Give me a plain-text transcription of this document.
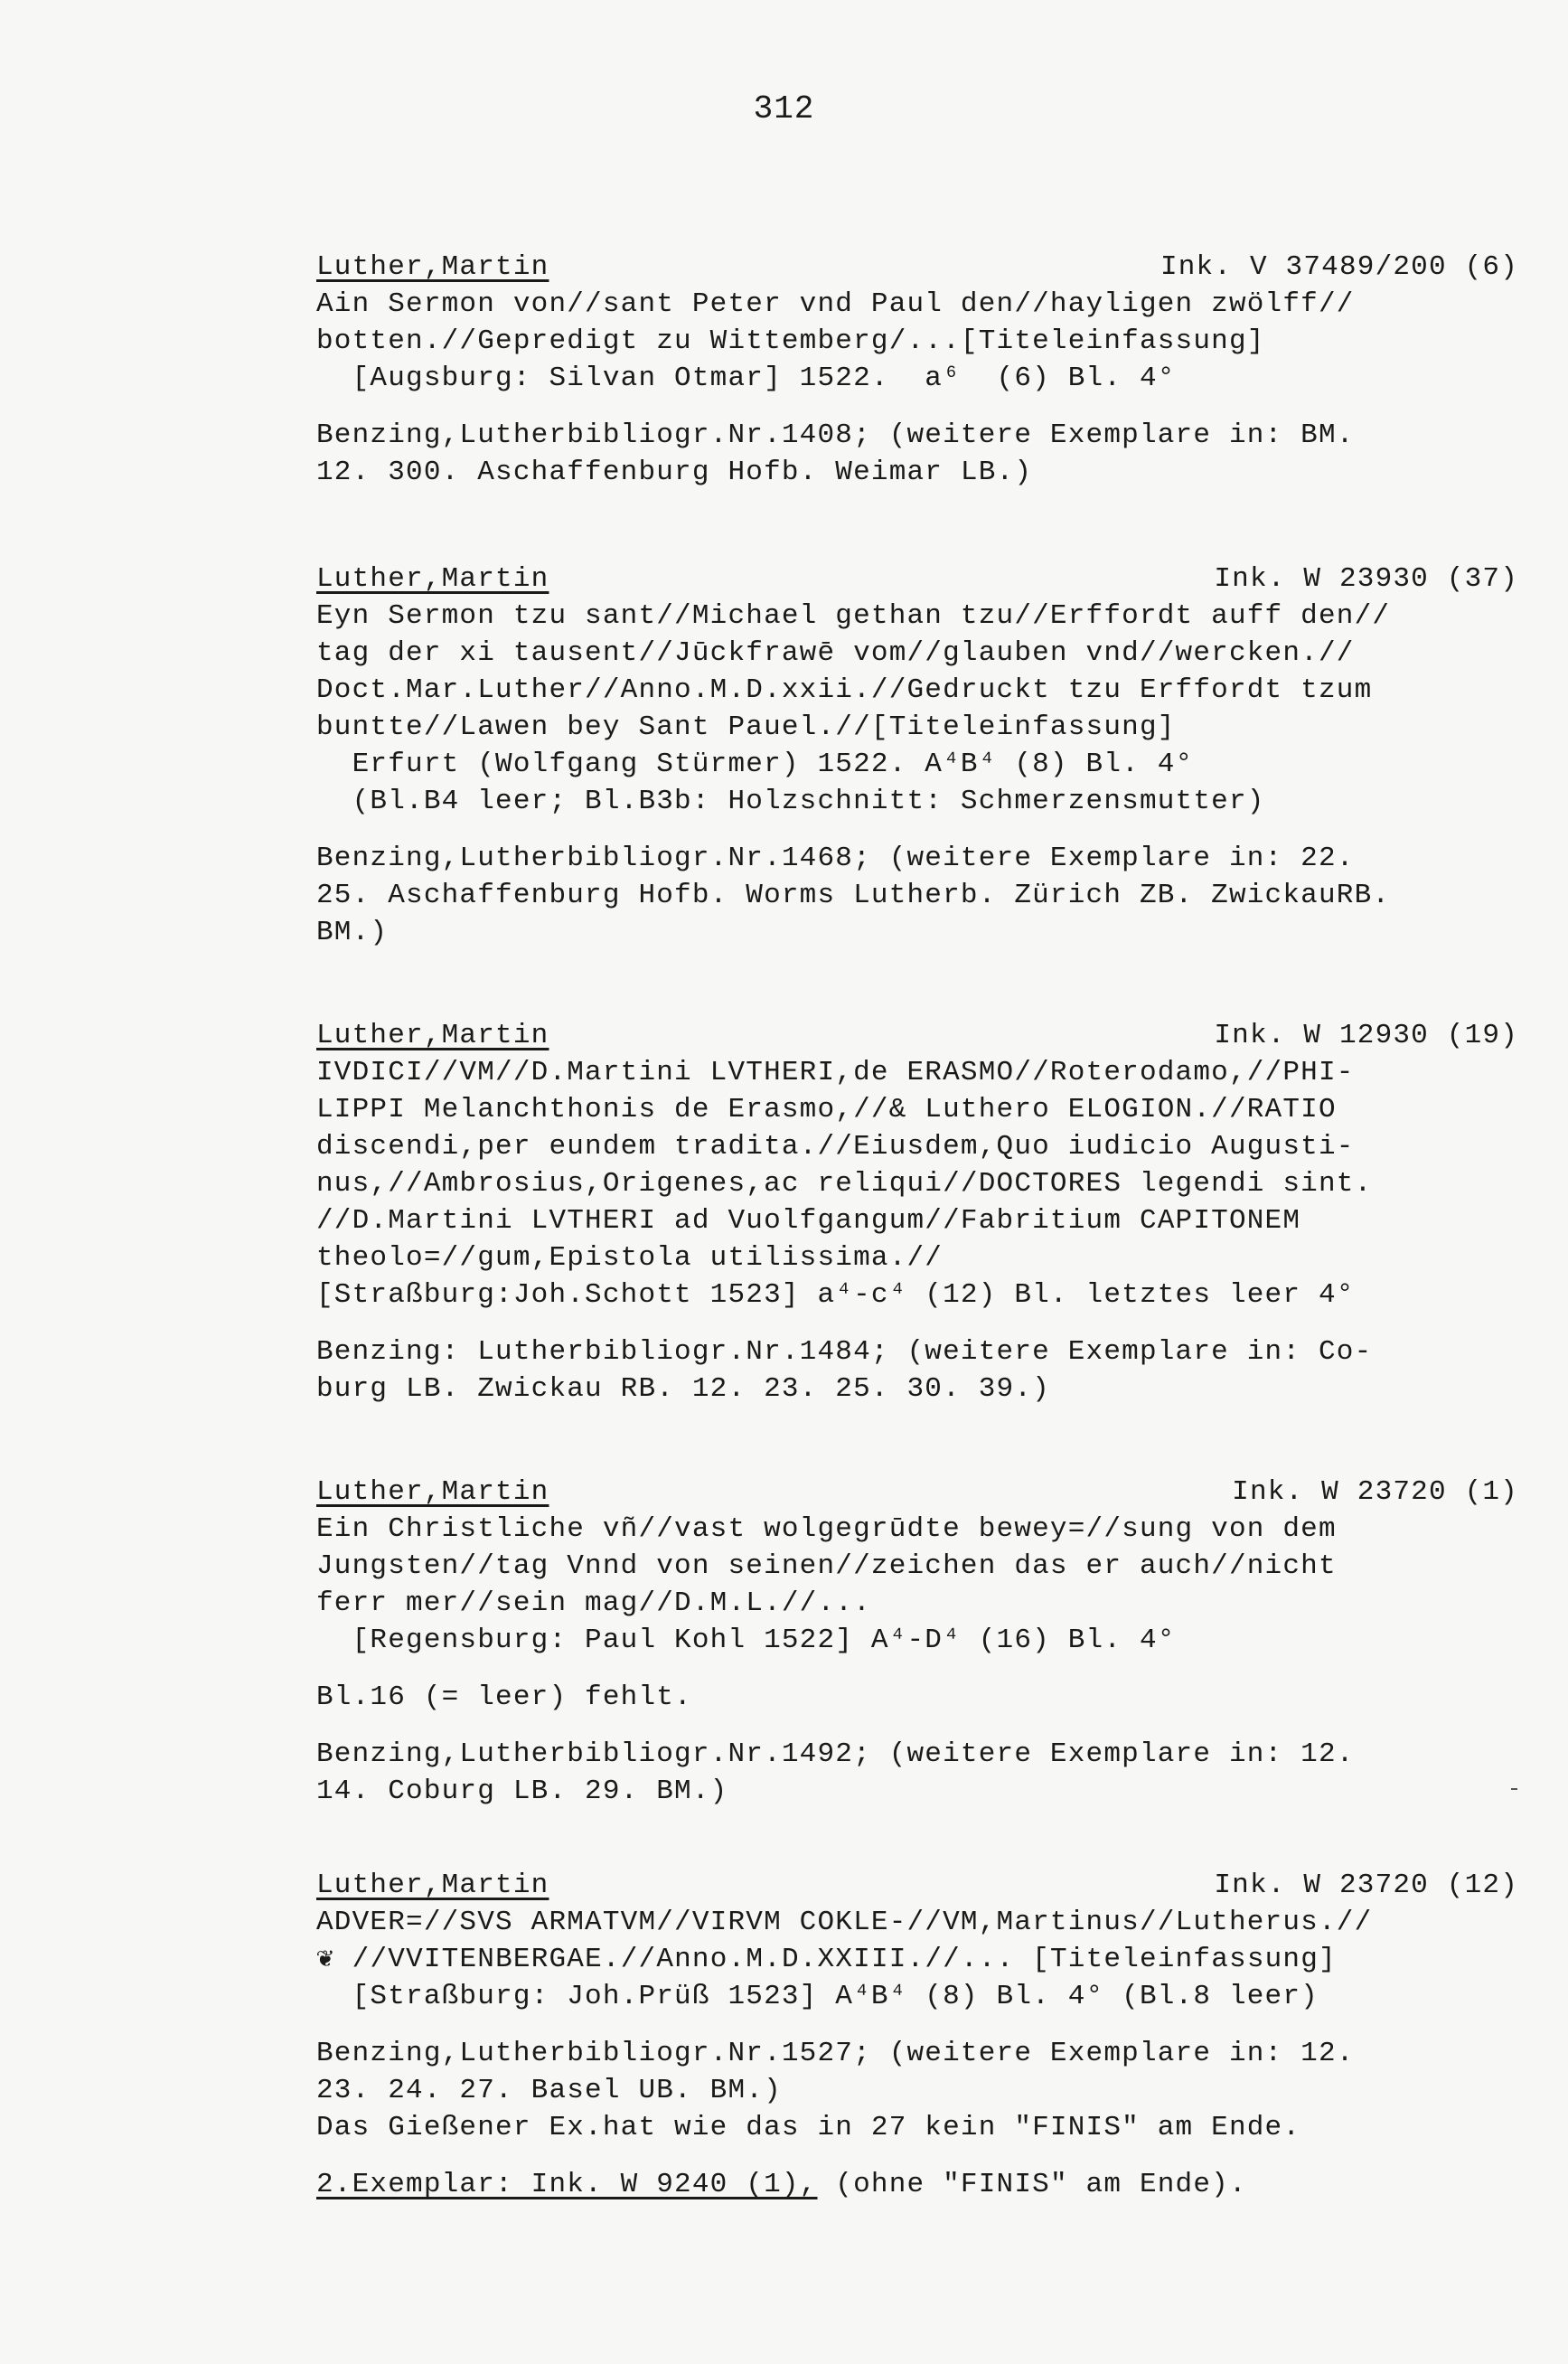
312
Luther,Martin	Ink. V 37489/200 (6)
Ain Sermon von//sant Peter vnd Paul den//hayligen zwölff//
botten.//Gepredigt zu Wittemberg/...[Titeleinfassung]
[Augsburg: Silvan Otmar] 1522.  a⁶  (6) Bl. 4°
Benzing,Lutherbibliogr.Nr.1408; (weitere Exemplare in: BM.
12. 300. Aschaffenburg Hofb. Weimar LB.)
Luther,Martin	Ink. W 23930 (37)
Eyn Sermon tzu sant//Michael gethan tzu//Erffordt auff den//
tag der xi tausent//Jūckfrawē vom//glauben vnd//wercken.//
Doct.Mar.Luther//Anno.M.D.xxii.//Gedruckt tzu Erffordt tzum
buntte//Lawen bey Sant Pauel.//[Titeleinfassung]
Erfurt (Wolfgang Stürmer) 1522. A⁴B⁴ (8) Bl. 4°
(Bl.B4 leer; Bl.B3b: Holzschnitt: Schmerzensmutter)
Benzing,Lutherbibliogr.Nr.1468; (weitere Exemplare in: 22.
25. Aschaffenburg Hofb. Worms Lutherb. Zürich ZB. ZwickauRB.
BM.)
Luther,Martin	Ink. W 12930 (19)
IVDICI//VM//D.Martini LVTHERI,de ERASMO//Roterodamo,//PHI-
LIPPI Melanchthonis de Erasmo,//& Luthero ELOGION.//RATIO
discendi,per eundem tradita.//Eiusdem,Quo iudicio Augusti-
nus,//Ambrosius,Origenes,ac reliqui//DOCTORES legendi sint.
//D.Martini LVTHERI ad Vuolfgangum//Fabritium CAPITONEM
theolo=//gum,Epistola utilissima.//
[Straßburg:Joh.Schott 1523] a⁴-c⁴ (12) Bl. letztes leer 4°
Benzing: Lutherbibliogr.Nr.1484; (weitere Exemplare in: Co-
burg LB. Zwickau RB. 12. 23. 25. 30. 39.)
Luther,Martin	Ink. W 23720 (1)
Ein Christliche vñ//vast wolgegrūdte bewey=//sung von dem
Jungsten//tag Vnnd von seinen//zeichen das er auch//nicht
ferr mer//sein mag//D.M.L.//...
[Regensburg: Paul Kohl 1522] A⁴-D⁴ (16) Bl. 4°
Bl.16 (= leer) fehlt.
Benzing,Lutherbibliogr.Nr.1492; (weitere Exemplare in: 12.
14. Coburg LB. 29. BM.)
Luther,Martin	Ink. W 23720 (12)
ADVER=//SVS ARMATVM//VIRVM COKLE-//VM,Martinus//Lutherus.//
❦ //VVITENBERGAE.//Anno.M.D.XXIII.//... [Titeleinfassung]
[Straßburg: Joh.Prüß 1523] A⁴B⁴ (8) Bl. 4° (Bl.8 leer)
Benzing,Lutherbibliogr.Nr.1527; (weitere Exemplare in: 12.
23. 24. 27. Basel UB. BM.)
Das Gießener Ex.hat wie das in 27 kein "FINIS" am Ende.
2.Exemplar: Ink. W 9240 (1), (ohne "FINIS" am Ende).
